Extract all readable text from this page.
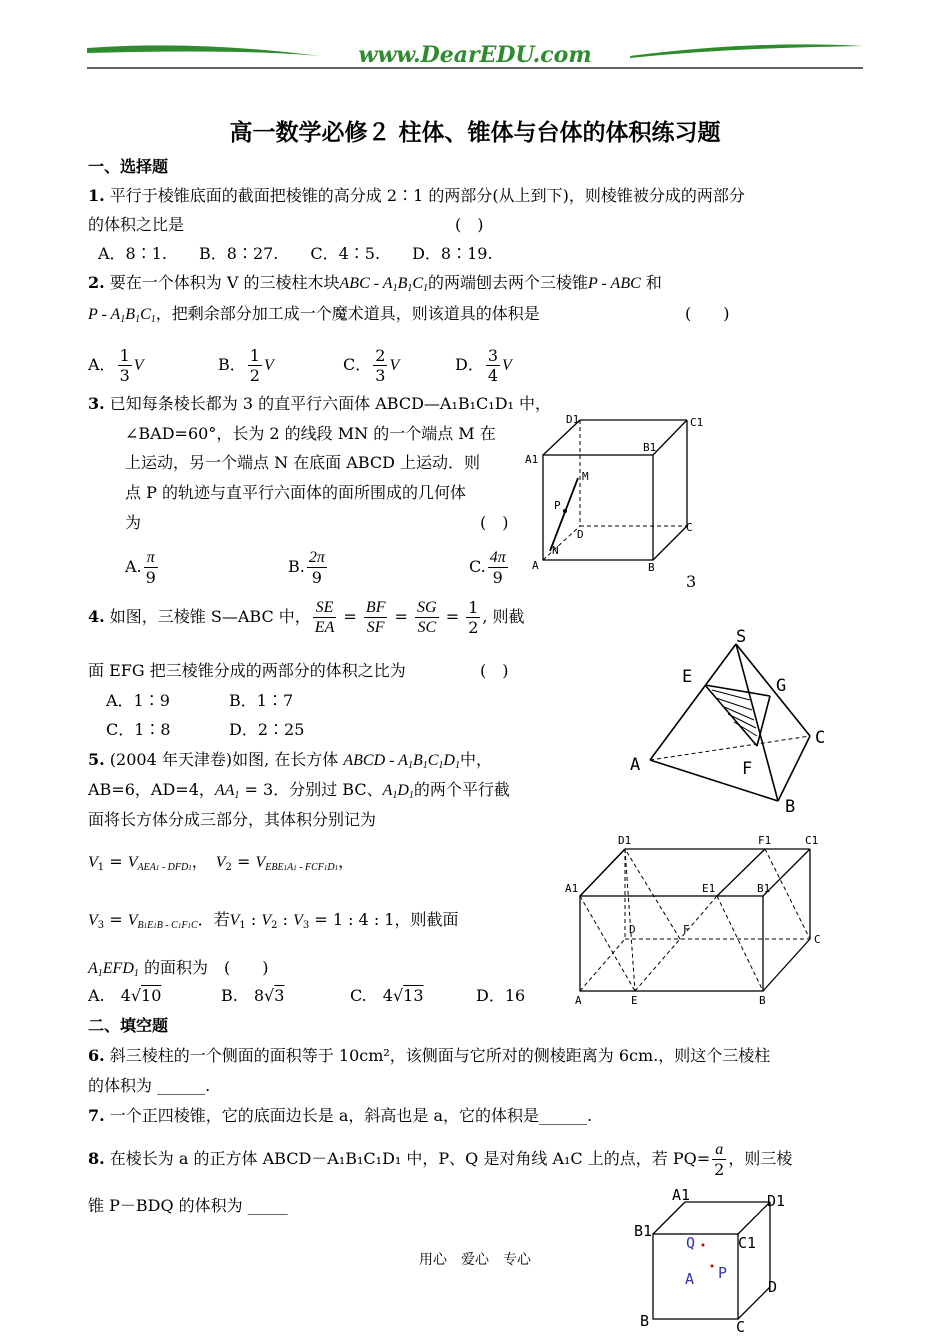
www.DearEDU.com
高一数学必修２ 柱体、锥体与台体的体积练习题
一、选择题
1. 平行于棱锥底面的截面把棱锥的高分成 2∶1 的两部分(从上到下)，则棱锥被分成的两部分
的体积之比是	(　)
A．8∶1.　　B．8∶27.　　C．4∶5.　　D．8∶19.
2. 要在一个体积为 V 的三棱柱木块ABC - $A_1B_1C_1$的两端刨去两个三棱锥P - ABC 和
P - $A_1B_1C_1$，把剩余部分加工成一个魔术道具，则该道具的体积是	(　　)
A． $\frac{1}{3}$ V	B． $\frac{1}{2}$ V	C． $\frac{2}{3}$ V	D． $\frac{3}{4}$ V
3. 已知每条棱长都为 3 的直平行六面体 ABCD—A₁B₁C₁D₁ 中，
∠BAD=60°，长为 2 的线段 MN 的一个端点 M 在
上运动，另一个端点 N 在底面 ABCD 上运动．则
点 P 的轨迹与直平行六面体的面所围成的几何体
为	(　)
A. $\frac{\pi}{9}$	B. $\frac{2\pi}{9}$	C. $\frac{4\pi}{9}$	3
D1	C1
A1
B1
M
P
D
C
N
A	B
4. 如图，三棱锥 S—ABC 中， $\frac{SE}{EA} = \frac{BF}{SF} = \frac{SG}{SC} = \frac{1}{2}$ , 则截
面 EFG 把三棱锥分成的两部分的体积之比为	(　)
A．1∶9	B．1∶7
C．1∶8	D．2∶25
S
E	G
A	F
C
B
5. (2004 年天津卷)如图, 在长方体 ABCD - $A_1B_1C_1D_1$中，
AB=6，AD=4，$AA_1 = 3$．分别过 BC、$A_1D_1$的两个平行截
面将长方体分成三部分，其体积分别记为
$V_1 = V_{AEA1 - DFD1}$，　$V_2 = V_{EBE1A1 - FCF1D1}$，
$V_3 = V_{B1E1B - C1F1C}$．若$V_1$ : $V_2$ : $V_3 = 1$ : 4 : 1，则截面
$A_1EFD_1$ 的面积为　 (　　)
A.　 4√10	B.　 8√3	C.　 4√13	D．16
D1	F1	C1
A1	E1	B1
D	F
C
A	E	B
二、填空题
6. 斜三棱柱的一个侧面的面积等于 10cm²，该侧面与它所对的侧棱距离为 6cm.，则这个三棱柱
的体积为 ______.
7. 一个正四棱锥，它的底面边长是 a，斜高也是 a，它的体积是______.
8. 在棱长为 a 的正方体 ABCD－A₁B₁C₁D₁ 中，P、Q 是对角线 A₁C 上的点，若 $PQ= \frac{a}{2}$ ，则三棱
锥 P－BDQ 的体积为 _____
A1	D1
B1
C1
Q
A P
D
B	C
用心　爱心　专心
